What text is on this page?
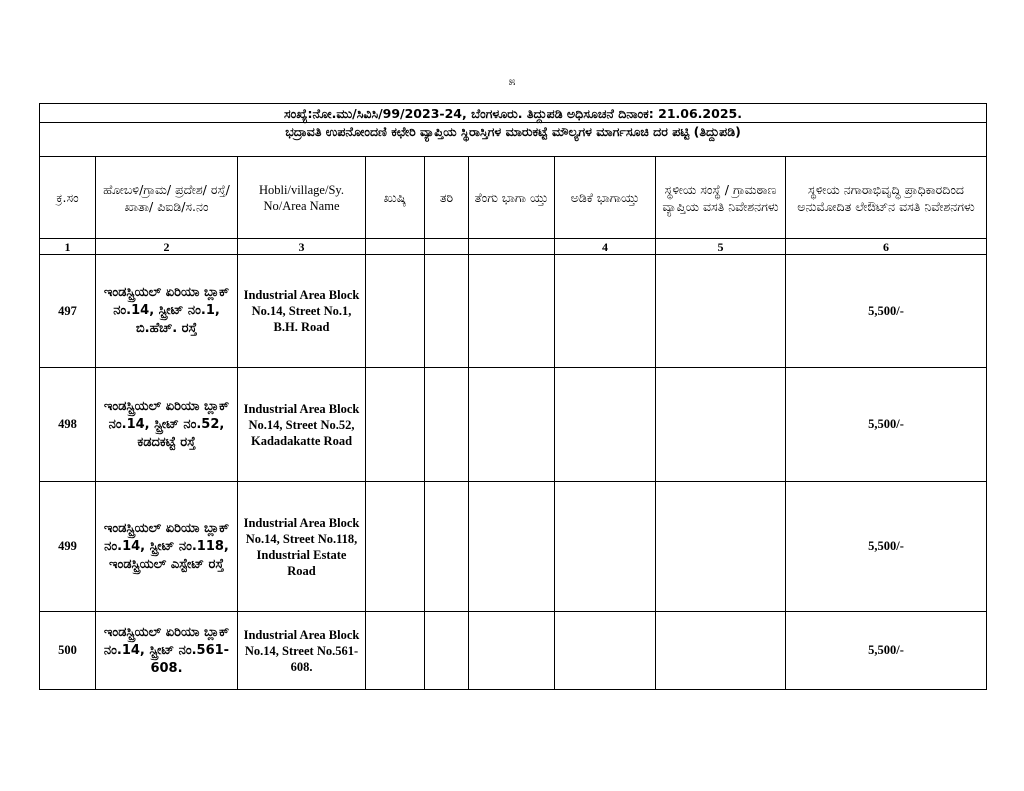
೫
ಸಂಖ್ಯೆ:ನೋ.ಮು/ಸಿವಿಸಿ/99/2023-24, ಬೆಂಗಳೂರು. ತಿದ್ದುಪಡಿ ಅಧಿಸೂಚನೆ ದಿನಾಂಕ: 21.06.2025.								
ಭದ್ರಾವತಿ ಉಪನೋಂದಣಿ ಕಛೇರಿ ವ್ಯಾಪ್ತಿಯ ಸ್ಥಿರಾಸ್ತಿಗಳ ಮಾರುಕಟ್ಟೆ ಮೌಲ್ಯಗಳ ಮಾರ್ಗಸೂಚಿ ದರ ಪಟ್ಟಿ (ತಿದ್ದುಪಡಿ)								
ಕ್ರ.ಸಂ	ಹೋಬಳಿ/ಗ್ರಾಮ/ ಪ್ರದೇಶ/ ರಸ್ತೆ/ಖಾತಾ/ ಪಿಐಡಿ/ಸ.ನಂ	Hobli/village/Sy. No/Area Name	ಖುಷ್ಕಿ	ತರಿ	ತೆಂಗು ಭಾಗಾ ಯ್ತು	ಅಡಿಕೆ ಭಾಗಾಯ್ತು	ಸ್ಥಳೀಯ ಸಂಸ್ಥೆ / ಗ್ರಾಮಠಾಣ ವ್ಯಾಪ್ತಿಯ ವಸತಿ ನಿವೇಶನಗಳು	ಸ್ಥಳೀಯ ನಗಾರಾಭಿವೃದ್ಧಿ ಪ್ರಾಧಿಕಾರದಿಂದ ಅನುಮೋದಿತ ಲೇಔಟ್‌ನ ವಸತಿ ನಿವೇಶನಗಳು
1	2	3				4	5	6
497	ಇಂಡಸ್ಟ್ರಿಯಲ್ ಏರಿಯಾ ಬ್ಲಾಕ್ ನಂ.14, ಸ್ಟ್ರೀಟ್ ನಂ.1, ಬಿ.ಹೆಚ್. ರಸ್ತೆ	Industrial Area Block No.14, Street No.1, B.H. Road						5,500/-
498	ಇಂಡಸ್ಟ್ರಿಯಲ್ ಏರಿಯಾ ಬ್ಲಾಕ್ ನಂ.14, ಸ್ಟ್ರೀಟ್ ನಂ.52, ಕಡದಕಟ್ಟೆ ರಸ್ತೆ	Industrial Area Block No.14, Street No.52, Kadadakatte Road						5,500/-
499	ಇಂಡಸ್ಟ್ರಿಯಲ್ ಏರಿಯಾ ಬ್ಲಾಕ್ ನಂ.14, ಸ್ಟ್ರೀಟ್ ನಂ.118, ಇಂಡಸ್ಟ್ರಿಯಲ್ ಎಸ್ಟೇಟ್ ರಸ್ತೆ	Industrial Area Block No.14, Street No.118, Industrial Estate Road						5,500/-
500	ಇಂಡಸ್ಟ್ರಿಯಲ್ ಏರಿಯಾ ಬ್ಲಾಕ್ ನಂ.14, ಸ್ಟ್ರೀಟ್ ನಂ.561-608.	Industrial Area Block No.14, Street No.561-608.						5,500/-
